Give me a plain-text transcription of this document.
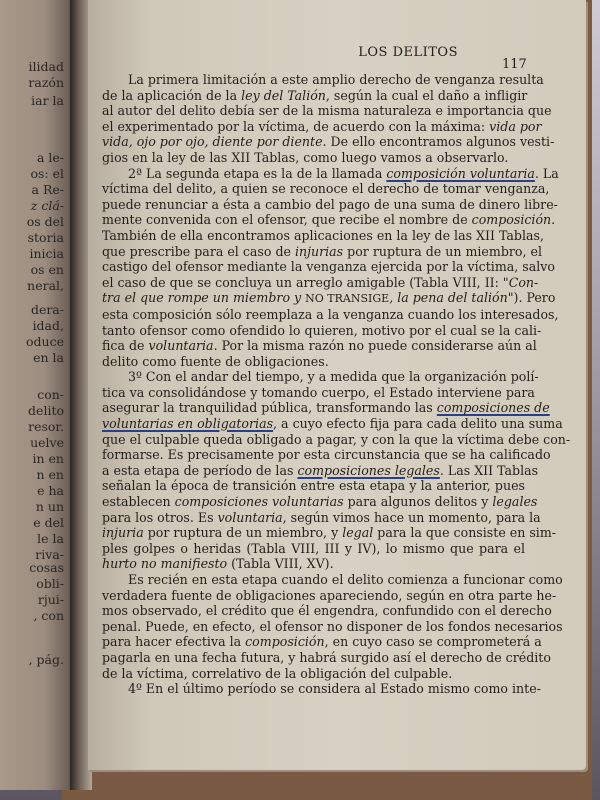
ilidad
razón
iar la
a le-
os: el
a Re-
z clá-
os del
storia
inicia
os en
neral,
dera-
idad,
oduce
en la
con-
delito
resor.
uelve
in en
n en
e ha
n un
e del
le la
riva-
cosas
obli-
rjui-
, con
, pág.
LOS DELITOS
117
La primera limitación a este amplio derecho de venganza resulta
de la aplicación de la ley del Talión, según la cual el daño a infligir
al autor del delito debía ser de la misma naturaleza e importancia que
el experimentado por la víctima, de acuerdo con la máxima: vida por
vida, ojo por ojo, diente por diente. De ello encontramos algunos vesti-
gios en la ley de las XII Tablas, como luego vamos a observarlo.
2ª La segunda etapa es la de la llamada composición voluntaria. La
víctima del delito, a quien se reconoce el derecho de tomar venganza,
puede renunciar a ésta a cambio del pago de una suma de dinero libre-
mente convenida con el ofensor, que recibe el nombre de composición.
También de ella encontramos aplicaciones en la ley de las XII Tablas,
que prescribe para el caso de injurias por ruptura de un miembro, el
castigo del ofensor mediante la venganza ejercida por la víctima, salvo
el caso de que se concluya un arreglo amigable (Tabla VIII, II: "Con-
tra el que rompe un miembro y NO TRANSIGE, la pena del talión"). Pero
esta composición sólo reemplaza a la venganza cuando los interesados,
tanto ofensor como ofendido lo quieren, motivo por el cual se la cali-
fica de voluntaria. Por la misma razón no puede considerarse aún al
delito como fuente de obligaciones.
3º Con el andar del tiempo, y a medida que la organización polí-
tica va consolidándose y tomando cuerpo, el Estado interviene para
asegurar la tranquilidad pública, transformando las composiciones de
voluntarias en obligatorias, a cuyo efecto fija para cada delito una suma
que el culpable queda obligado a pagar, y con la que la víctima debe con-
formarse. Es precisamente por esta circunstancia que se ha calificado
a esta etapa de período de las composiciones legales. Las XII Tablas
señalan la época de transición entre esta etapa y la anterior, pues
establecen composiciones voluntarias para algunos delitos y legales
para los otros. Es voluntaria, según vimos hace un momento, para la
injuria por ruptura de un miembro, y legal para la que consiste en sim-
ples golpes o heridas (Tabla VIII, III y IV), lo mismo que para el
hurto no manifiesto (Tabla VIII, XV).
Es recién en esta etapa cuando el delito comienza a funcionar como
verdadera fuente de obligaciones apareciendo, según en otra parte he-
mos observado, el crédito que él engendra, confundido con el derecho
penal. Puede, en efecto, el ofensor no disponer de los fondos necesarios
para hacer efectiva la composición, en cuyo caso se comprometerá a
pagarla en una fecha futura, y habrá surgido así el derecho de crédito
de la víctima, correlativo de la obligación del culpable.
4º En el último período se considera al Estado mismo como inte-
